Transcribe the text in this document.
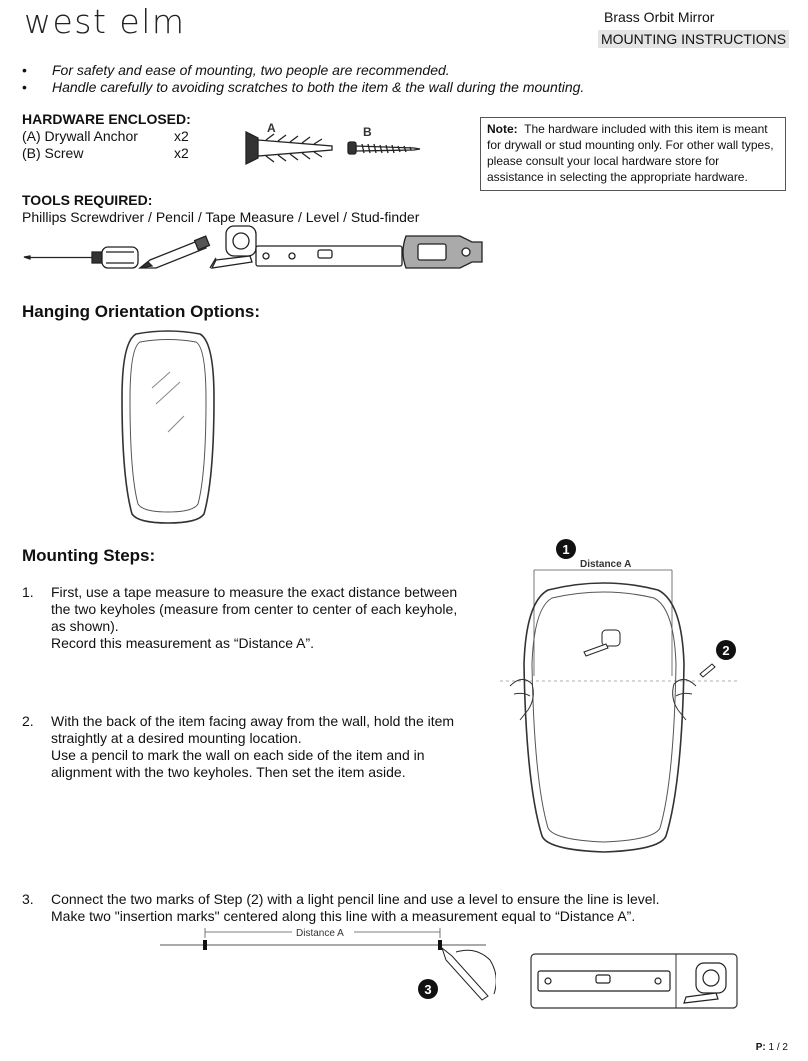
west elm	Brass Orbit Mirror
MOUNTING INSTRUCTIONS
• For safety and ease of mounting, two people are recommended.
• Handle carefully to avoiding scratches to both the item & the wall during the mounting.
HARDWARE ENCLOSED:
(A) Drywall Anchor	x2
(B) Screw	x2
A	B	Note: The hardware included with this item is meant for drywall or stud mounting only. For other wall types, please consult your local hardware store for assistance in selecting the appropriate hardware.
TOOLS REQUIRED:
Phillips Screwdriver / Pencil / Tape Measure / Level / Stud-finder
Hanging Orientation Options:
Mounting Steps:
1. First, use a tape measure to measure the exact distance between
the two keyholes (measure from center to center of each keyhole,
as shown).
Record this measurement as “Distance A”.
2. With the back of the item facing away from the wall, hold the item
straightly at a desired mounting location.
Use a pencil to mark the wall on each side of the item and in
alignment with the two keyholes. Then set the item aside.
3. Connect the two marks of Step (2) with a light pencil line and use a level to ensure the line is level.
Make two "insertion marks" centered along this line with a measurement equal to “Distance A”.
1
Distance A
2
Distance A
3
P: 1 / 2
